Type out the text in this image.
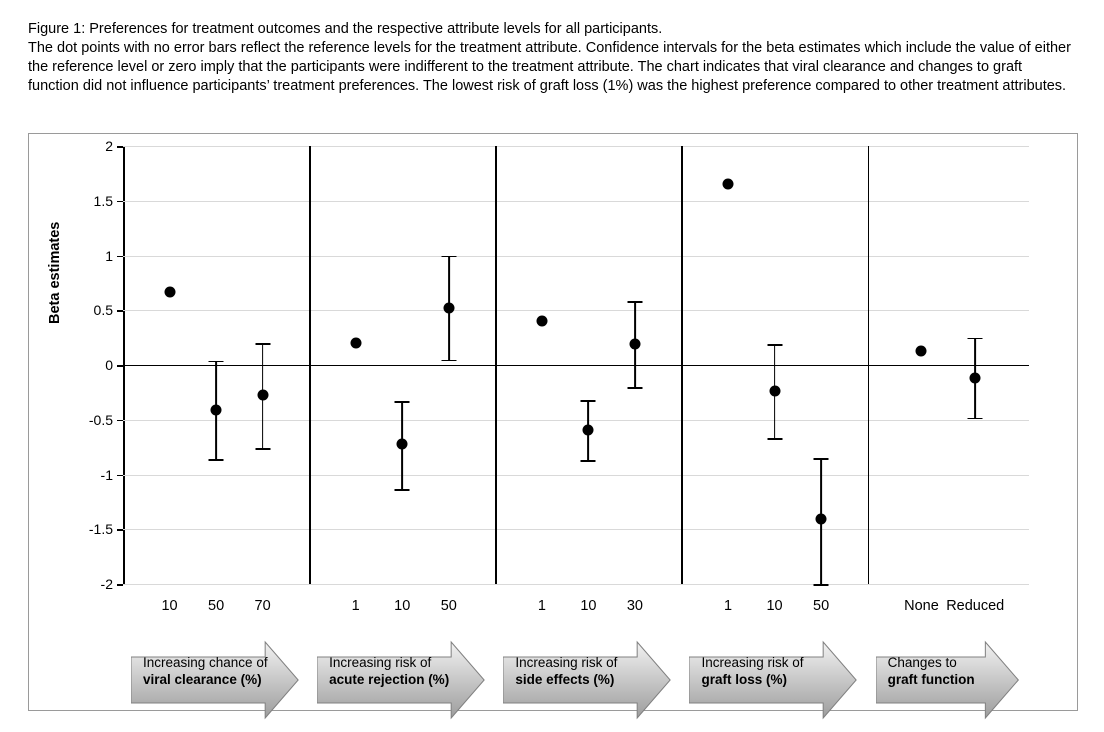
Figure 1: Preferences for treatment outcomes and the respective attribute levels for all participants.
The dot points with no error bars reflect the reference levels for the treatment attribute. Confidence intervals for the beta estimates which include the value of either the reference level or zero imply that the participants were indifferent to the treatment attribute. The chart indicates that viral clearance and changes to graft function did not influence participants’ treatment preferences. The lowest risk of graft loss (1%) was the highest preference compared to other treatment attributes.
Beta estimates
2
1.5
1
0.5
0
-0.5
-1
-1.5
-2
10 50 70
Increasing chance of
viral clearance (%)
1 10 50
Increasing risk of
acute rejection (%)
1 10 30
Increasing risk of
side effects (%)
1 10 50
Increasing risk of
graft loss (%)
None Reduced
Changes to
graft function
